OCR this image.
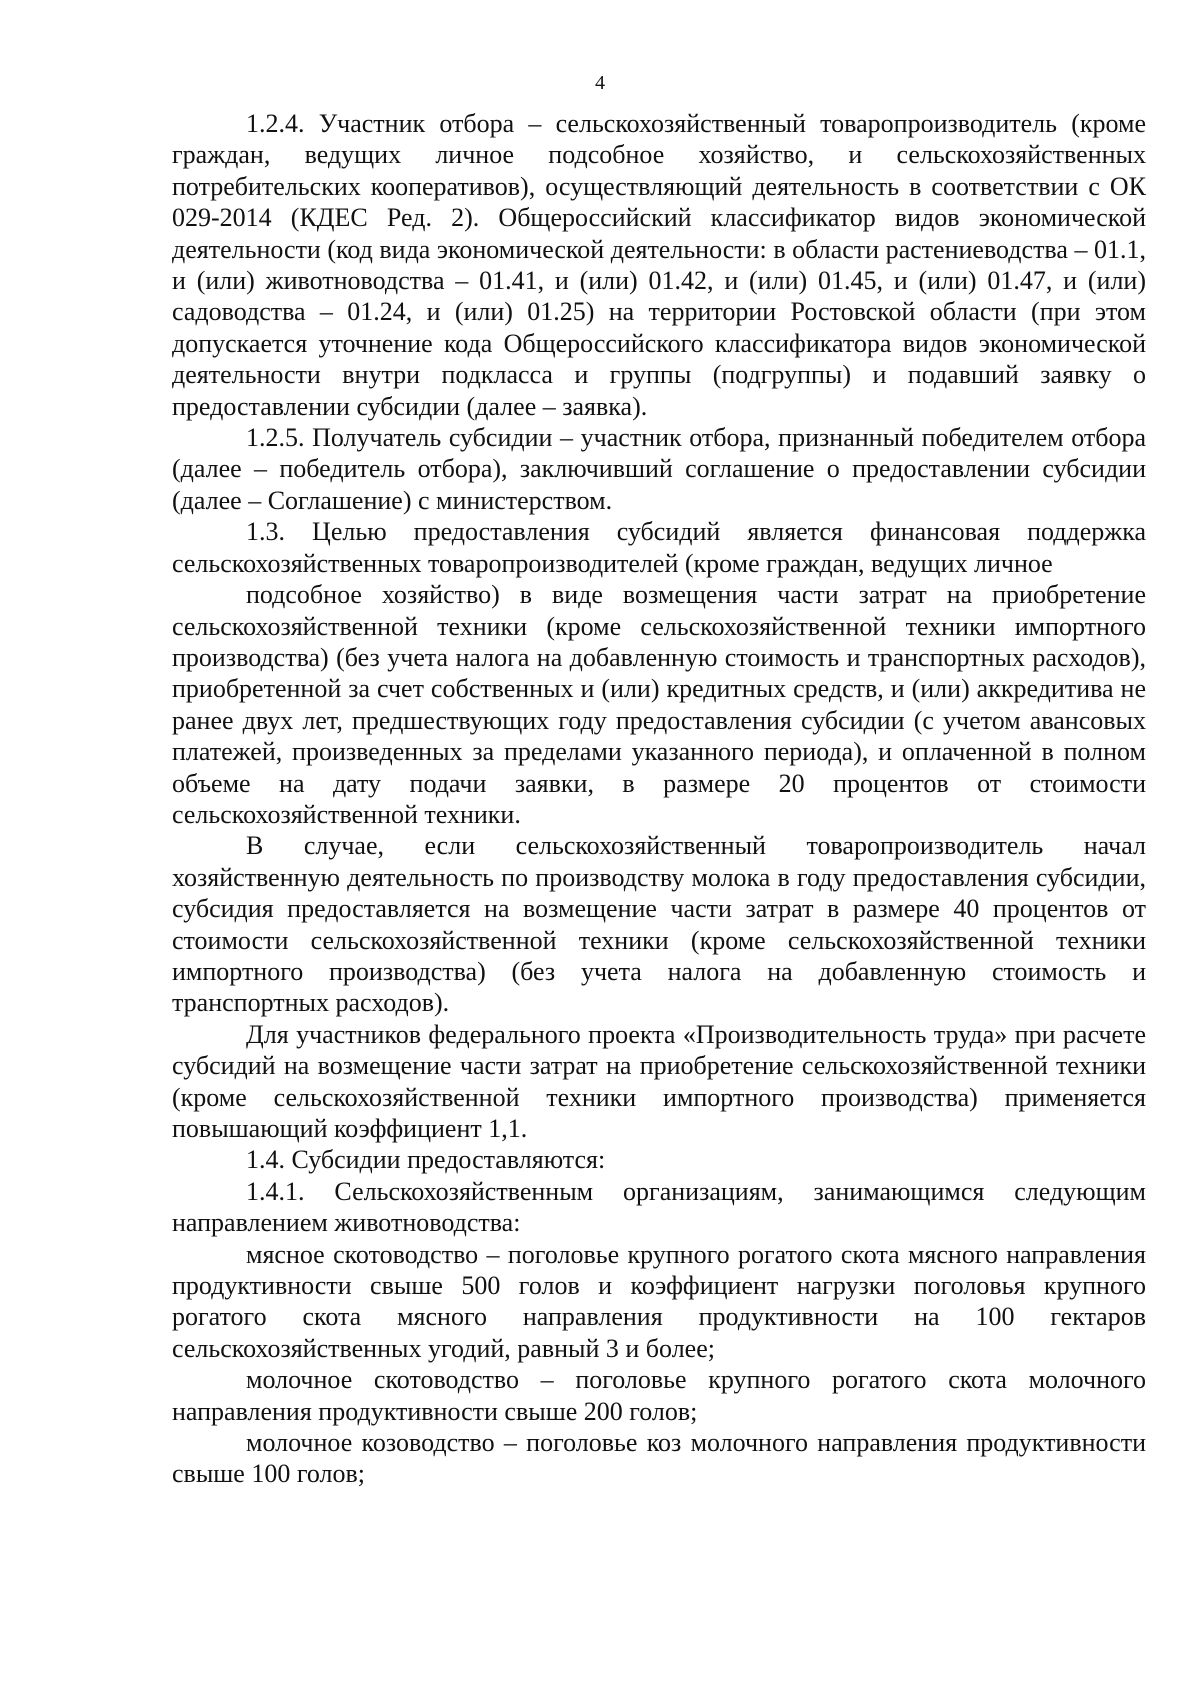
4

1.2.4. Участник отбора – сельскохозяйственный товаропроизводитель (кроме граждан, ведущих личное подсобное хозяйство, и сельскохозяйственных потребительских кооперативов), осуществляющий деятельность в соответствии с ОК 029-2014 (КДЕС Ред. 2). Общероссийский классификатор видов экономической деятельности (код вида экономической деятельности: в области растениеводства – 01.1, и (или) животноводства – 01.41, и (или) 01.42, и (или) 01.45, и (или) 01.47, и (или) садоводства – 01.24, и (или) 01.25) на территории Ростовской области (при этом допускается уточнение кода Общероссийского классификатора видов экономической деятельности внутри подкласса и группы (подгруппы) и подавший заявку о предоставлении субсидии (далее – заявка).

1.2.5. Получатель субсидии – участник отбора, признанный победителем отбора (далее – победитель отбора), заключивший соглашение о предоставлении субсидии (далее – Соглашение) с министерством.

1.3. Целью предоставления субсидий является финансовая поддержка сельскохозяйственных товаропроизводителей (кроме граждан, ведущих личное

подсобное хозяйство) в виде возмещения части затрат на приобретение сельскохозяйственной техники (кроме сельскохозяйственной техники импортного производства) (без учета налога на добавленную стоимость и транспортных расходов), приобретенной за счет собственных и (или) кредитных средств, и (или) аккредитива не ранее двух лет, предшествующих году предоставления субсидии (с учетом авансовых платежей, произведенных за пределами указанного периода), и оплаченной в полном объеме на дату подачи заявки, в размере 20 процентов от стоимости сельскохозяйственной техники.

В случае, если сельскохозяйственный товаропроизводитель начал хозяйственную деятельность по производству молока в году предоставления субсидии, субсидия предоставляется на возмещение части затрат в размере 40 процентов от стоимости сельскохозяйственной техники (кроме сельскохозяйственной техники импортного производства) (без учета налога на добавленную стоимость и транспортных расходов).

Для участников федерального проекта «Производительность труда» при расчете субсидий на возмещение части затрат на приобретение сельскохозяйственной техники (кроме сельскохозяйственной техники импортного производства) применяется повышающий коэффициент 1,1.

1.4. Субсидии предоставляются:

1.4.1. Сельскохозяйственным организациям, занимающимся следующим направлением животноводства:

мясное скотоводство – поголовье крупного рогатого скота мясного направления продуктивности свыше 500 голов и коэффициент нагрузки поголовья крупного рогатого скота мясного направления продуктивности на 100 гектаров сельскохозяйственных угодий, равный 3 и более;

молочное скотоводство – поголовье крупного рогатого скота молочного направления продуктивности свыше 200 голов;

молочное козоводство – поголовье коз молочного направления продуктивности свыше 100 голов;
